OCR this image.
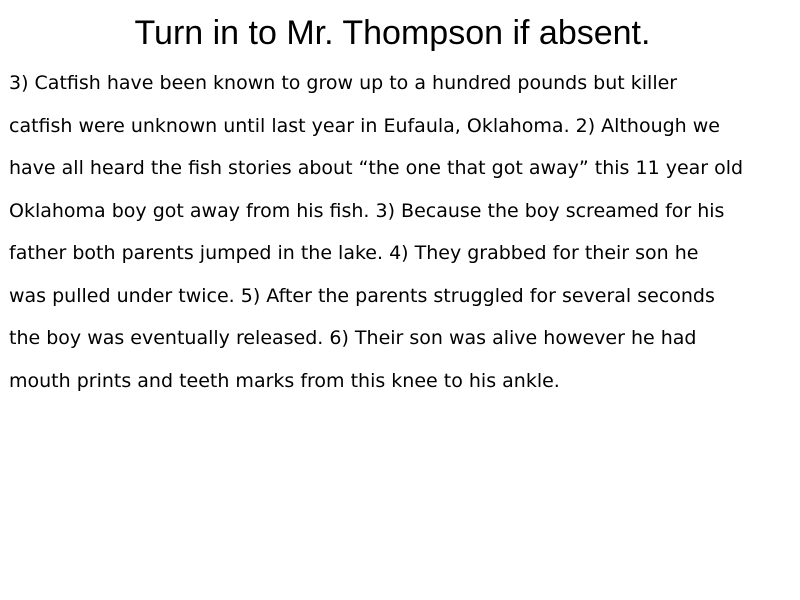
Turn in to Mr. Thompson if absent.
3) Catfish have been known to grow up to a hundred pounds but killer
catfish were unknown until last year in Eufaula, Oklahoma. 2) Although we
have all heard the fish stories about “the one that got away” this 11 year old
Oklahoma boy got away from his fish. 3) Because the boy screamed for his
father both parents jumped in the lake. 4) They grabbed for their son he
was pulled under twice. 5) After the parents struggled for several seconds
the boy was eventually released. 6) Their son was alive however he had
mouth prints and teeth marks from this knee to his ankle.
